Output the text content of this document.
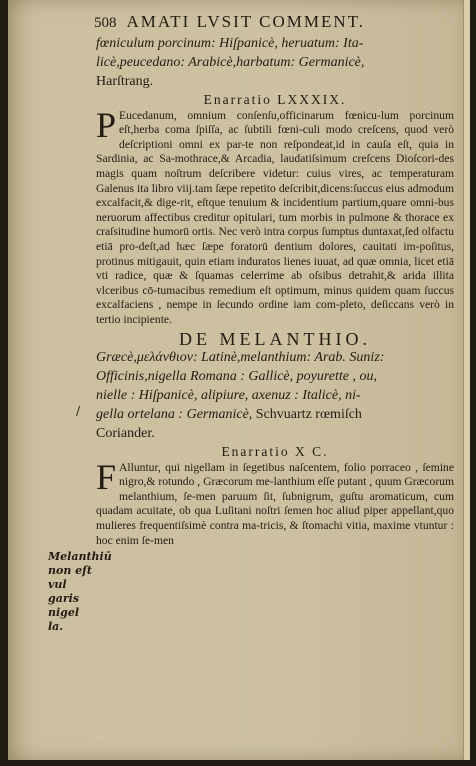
508 AMATI LVSIT COMMENT.
/
Melanthiū non eſt vul garis nigel la.
fœniculum porcinum: Hiſpanicè, heruatum: Ita-
licè,peucedano: Arabicè,harbatum: Germanicè,
Harſtrang.
Enarratio LXXXIX.

P Eucedanum, omnium conſenſu,officinarum fœnicu-lum porcinum eſt,herba coma ſpiſſa, ac ſubtili fœni-culi modo creſcens, quod verò deſcriptioni omni ex par-te non reſpondeat,id in cauſa eſt, quia in Sardinia, ac Sa-mothrace,& Arcadia, laudatiſsimum creſcens Dioſcori-des magis quam noſtrum deſcribere videtur: cuius vires, ac temperaturam Galenus ita libro viij.tam ſæpe repetito deſcribit,dicens:ſuccus eius admodum excalfacit,& dige-rit, eſtque tenuium & incidentium partium,quare omni-bus neruorum affectibus creditur opitulari, tum morbis in pulmone & thorace ex craſsitudine humorū ortis. Nec verò intra corpus ſumptus duntaxat,ſed olfactu etiā pro-deſt,ad hæc ſæpe foratorū dentium dolores, cauitati im-poſitus, protinus mitigauit, quin etiam induratos lienes iuuat, ad quæ omnia, licet etiā vti radice, quæ & ſquamas celerrime ab oſsibus detrahit,& arida illita vlceribus cō-tumacibus remedium eſt optimum, minus quidem quam ſuccus excalfaciens , nempe in ſecundo ordine iam com-pleto, deſiccans verò in tertio incipiente.

DE MELANTHIO.
Græcè,μελάνθιον: Latinè,melanthium: Arab. Suniz:
Officinis,nigella Romana : Gallicè, poyurette , ou,
nielle : Hiſpanicè, alipiure, axenuz : Italicè, ni-
gella ortelana : Germanicè, Schvuartz rœmiſch
Coriander.
Enarratio X C.

F Alluntur, qui nigellam in ſegetibus naſcentem, folio porraceo , ſemine nigro,& rotundo , Græcorum me-lanthium eſſe putant , quum Græcorum melanthium, ſe-men paruum ſit, ſubnigrum, guſtu aromaticum, cum quadam acuitate, ob qua Luſitani noſtri ſemen hoc aliud piper appellant,quo mulieres frequentiſsimè contra ma-tricis, & ſtomachi vitia, maxime vtuntur : hoc enim ſe-men
